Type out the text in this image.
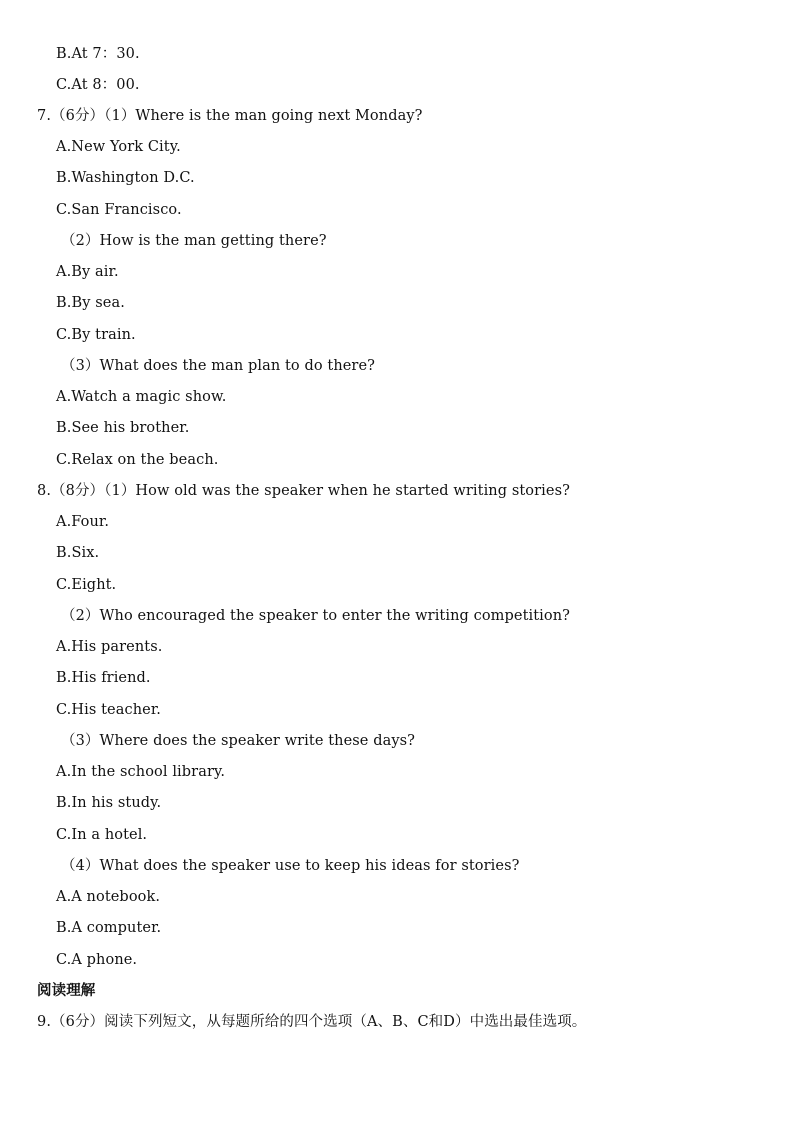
B.At 7：30.
C.At 8：00.
7.（6分）（1）Where is the man going next Monday?
A.New York City.
B.Washington D.C.
C.San Francisco.
（2）How is the man getting there?
A.By air.
B.By sea.
C.By train.
（3）What does the man plan to do there?
A.Watch a magic show.
B.See his brother.
C.Relax on the beach.
8.（8分）（1）How old was the speaker when he started writing stories?
A.Four.
B.Six.
C.Eight.
（2）Who encouraged the speaker to enter the writing competition?
A.His parents.
B.His friend.
C.His teacher.
（3）Where does the speaker write these days?
A.In the school library.
B.In his study.
C.In a hotel.
（4）What does the speaker use to keep his ideas for stories?
A.A notebook.
B.A computer.
C.A phone.
阅读理解
9.（6分）阅读下列短文，从每题所给的四个选项（A、B、C和D）中选出最佳选项。
